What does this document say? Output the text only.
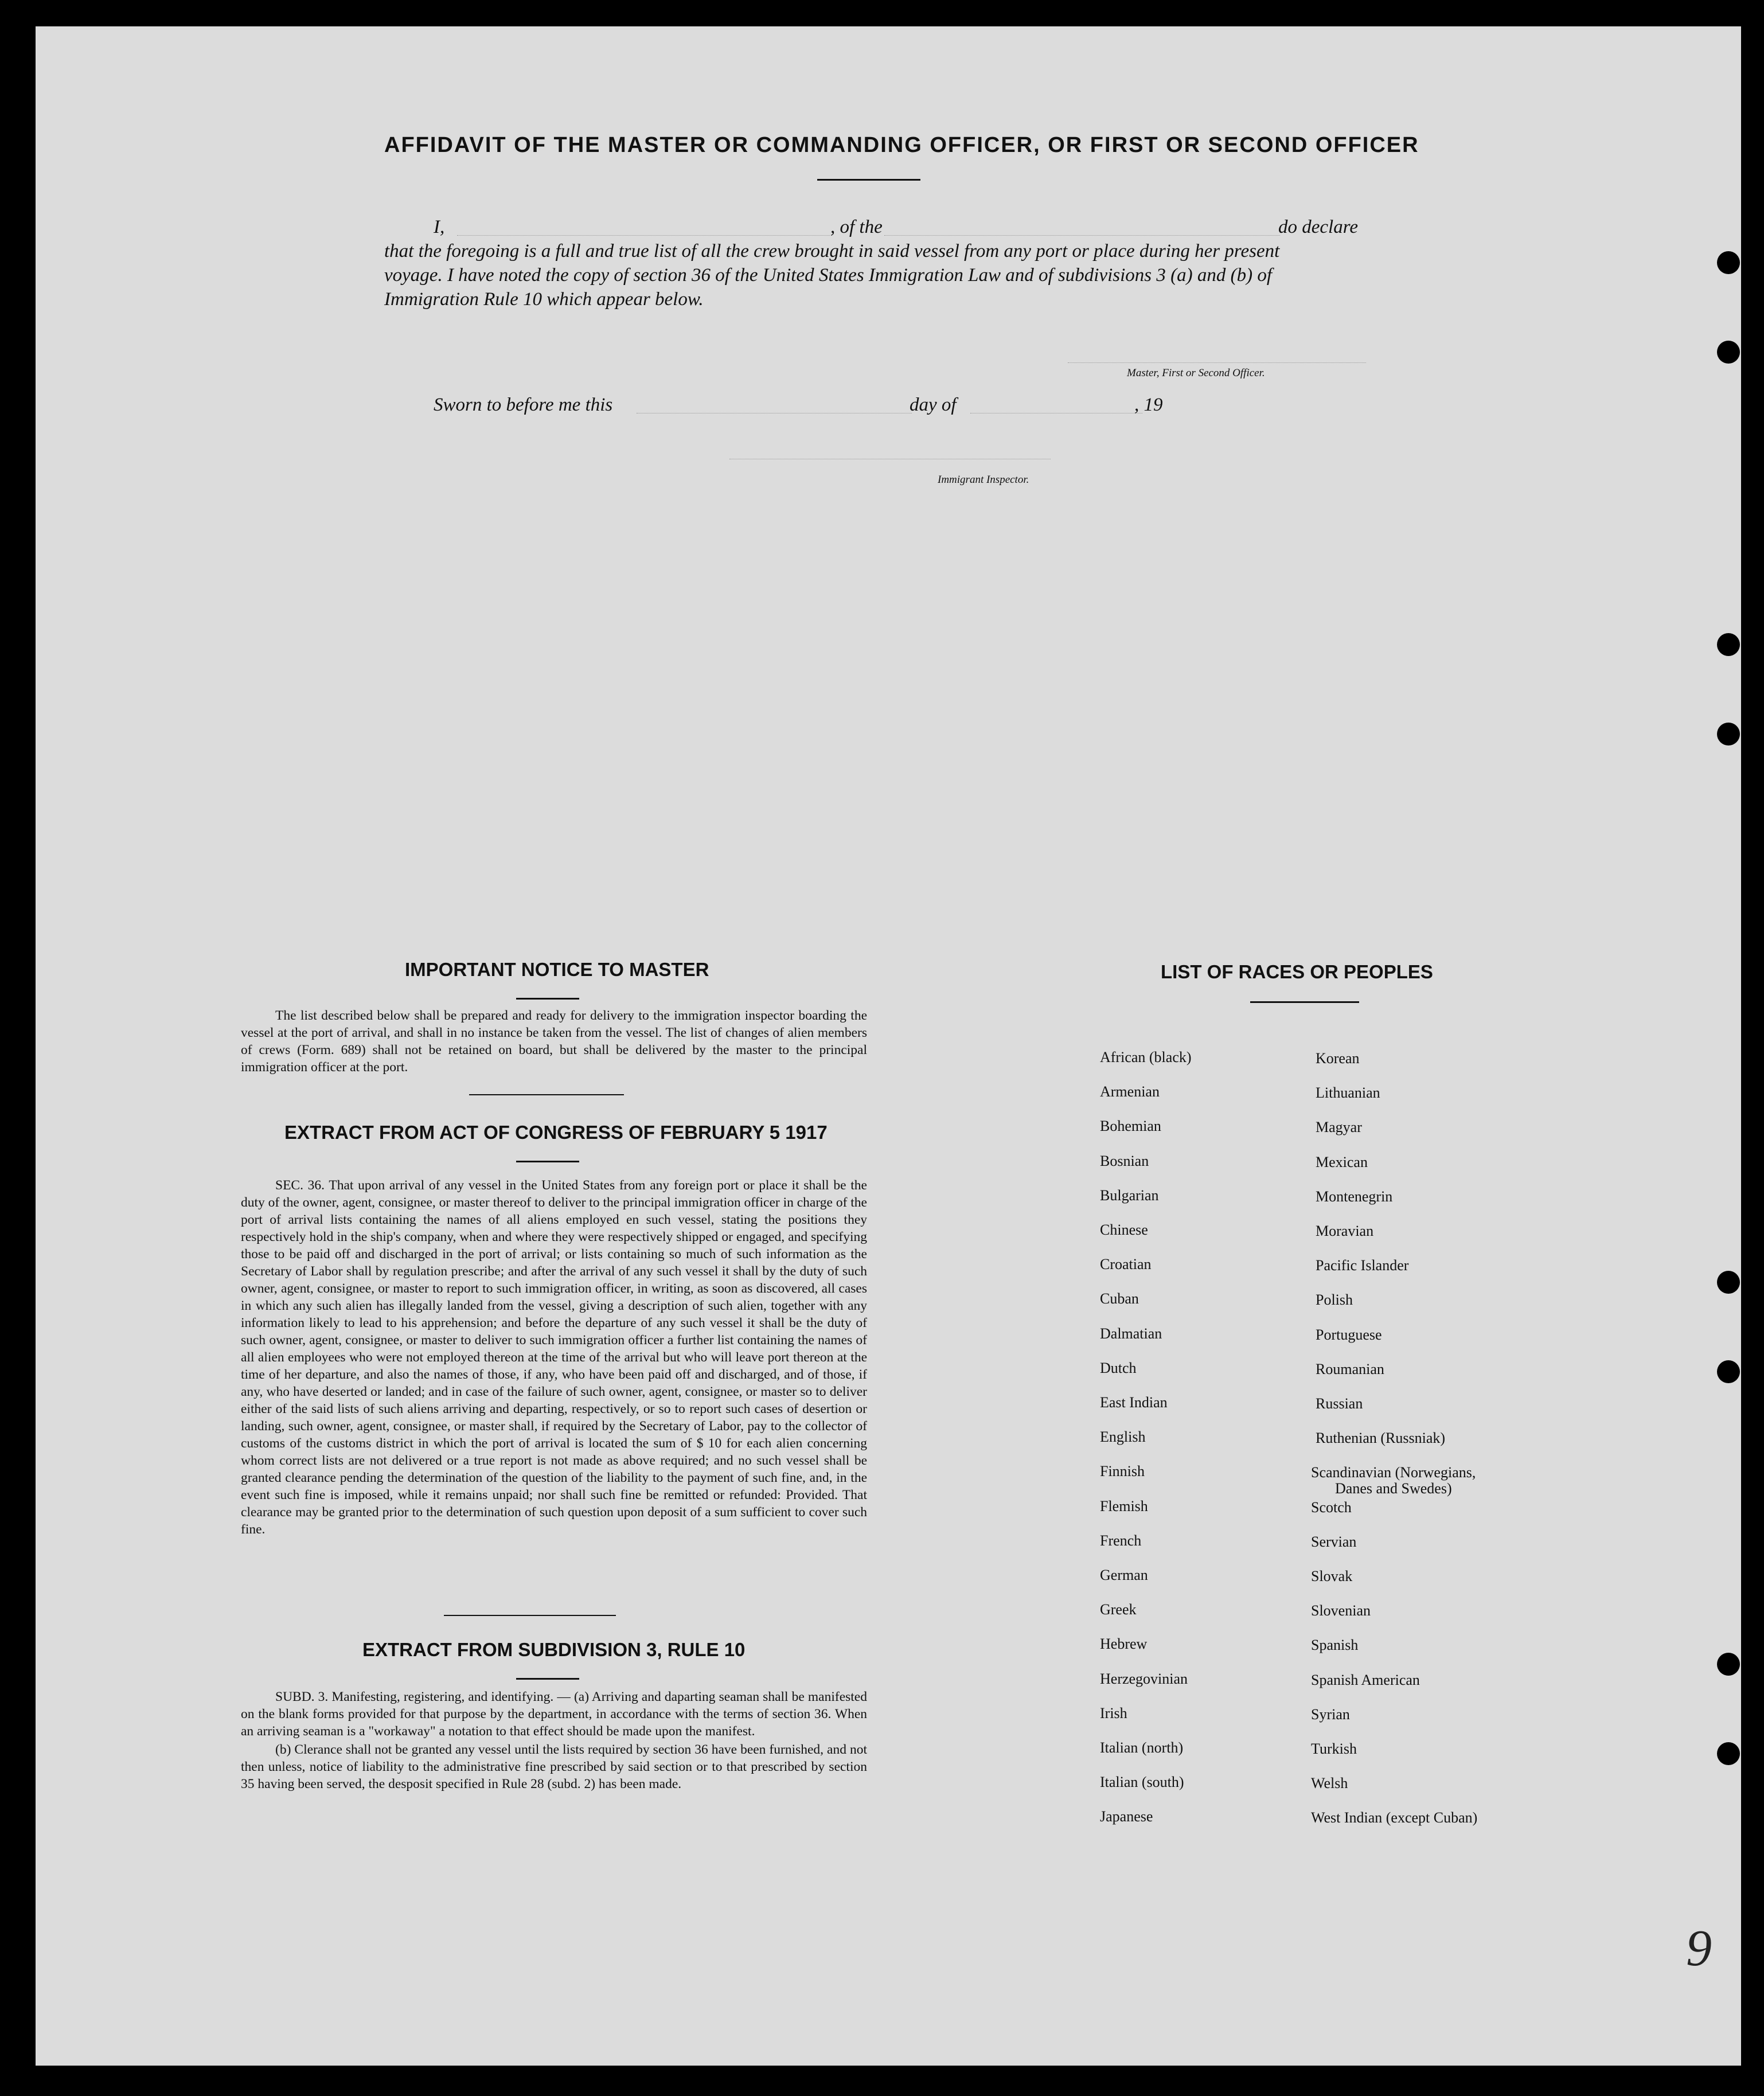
AFFIDAVIT OF THE MASTER OR COMMANDING OFFICER, OR FIRST OR SECOND OFFICER
I,	, of the	do declare
that the foregoing is a full and true list of all the crew brought in said vessel from any port or place during her present
voyage. I have noted the copy of section 36 of the United States Immigration Law and of subdivisions 3 (a) and (b) of
Immigration Rule 10 which appear below.
Master, First or Second Officer.
Sworn to before me this	day of	, 19
Immigrant Inspector.
IMPORTANT NOTICE TO MASTER

The list described below shall be prepared and ready for delivery to the immigration inspector boarding the vessel at the port of arrival, and shall in no instance be taken from the vessel. The list of changes of alien members of crews (Form. 689) shall not be retained on board, but shall be delivered by the master to the principal immigration officer at the port.

EXTRACT FROM ACT OF CONGRESS OF FEBRUARY 5 1917

SEC. 36. That upon arrival of any vessel in the United States from any foreign port or place it shall be the duty of the owner, agent, consignee, or master thereof to deliver to the principal immigration officer in charge of the port of arrival lists containing the names of all aliens employed en such vessel, stating the positions they respectively hold in the ship's company, when and where they were respectively shipped or engaged, and specifying those to be paid off and discharged in the port of arrival; or lists containing so much of such information as the Secretary of Labor shall by regulation prescribe; and after the arrival of any such vessel it shall by the duty of such owner, agent, consignee, or master to report to such immigration officer, in writing, as soon as discovered, all cases in which any such alien has illegally landed from the vessel, giving a description of such alien, together with any information likely to lead to his apprehension; and before the departure of any such vessel it shall be the duty of such owner, agent, consignee, or master to deliver to such immigration officer a further list containing the names of all alien employees who were not employed thereon at the time of the arrival but who will leave port thereon at the time of her departure, and also the names of those, if any, who have been paid off and discharged, and of those, if any, who have deserted or landed; and in case of the failure of such owner, agent, consignee, or master so to deliver either of the said lists of such aliens arriving and departing, respectively, or so to report such cases of desertion or landing, such owner, agent, consignee, or master shall, if required by the Secretary of Labor, pay to the collector of customs of the customs district in which the port of arrival is located the sum of $ 10 for each alien concerning whom correct lists are not delivered or a true report is not made as above required; and no such vessel shall be granted clearance pending the determination of the question of the liability to the payment of such fine, and, in the event such fine is imposed, while it remains unpaid; nor shall such fine be remitted or refunded: Provided. That clearance may be granted prior to the determination of such question upon deposit of a sum sufficient to cover such fine.

EXTRACT FROM SUBDIVISION 3, RULE 10

SUBD. 3. Manifesting, registering, and identifying. — (a) Arriving and daparting seaman shall be manifested on the blank forms provided for that purpose by the department, in accordance with the terms of section 36. When an arriving seaman is a "workaway" a notation to that effect should be made upon the manifest.

(b) Clerance shall not be granted any vessel until the lists required by section 36 have been furnished, and not then unless, notice of liability to the administrative fine prescribed by said section or to that prescribed by section 35 having been served, the desposit specified in Rule 28 (subd. 2) has been made.

LIST OF RACES OR PEOPLES
African (black)
Armenian
Bohemian
Bosnian
Bulgarian
Chinese
Croatian
Cuban
Dalmatian
Dutch
East Indian
English
Finnish
Flemish
French
German
Greek
Hebrew
Herzegovinian
Irish
Italian (north)
Italian (south)
Japanese
Korean
Lithuanian
Magyar
Mexican
Montenegrin
Moravian
Pacific Islander
Polish
Portuguese
Roumanian
Russian
Ruthenian (Russniak)
Scandinavian (Norwegians,
Danes and Swedes)
Scotch
Servian
Slovak
Slovenian
Spanish
Spanish American
Syrian
Turkish
Welsh
West Indian (except Cuban)
9
